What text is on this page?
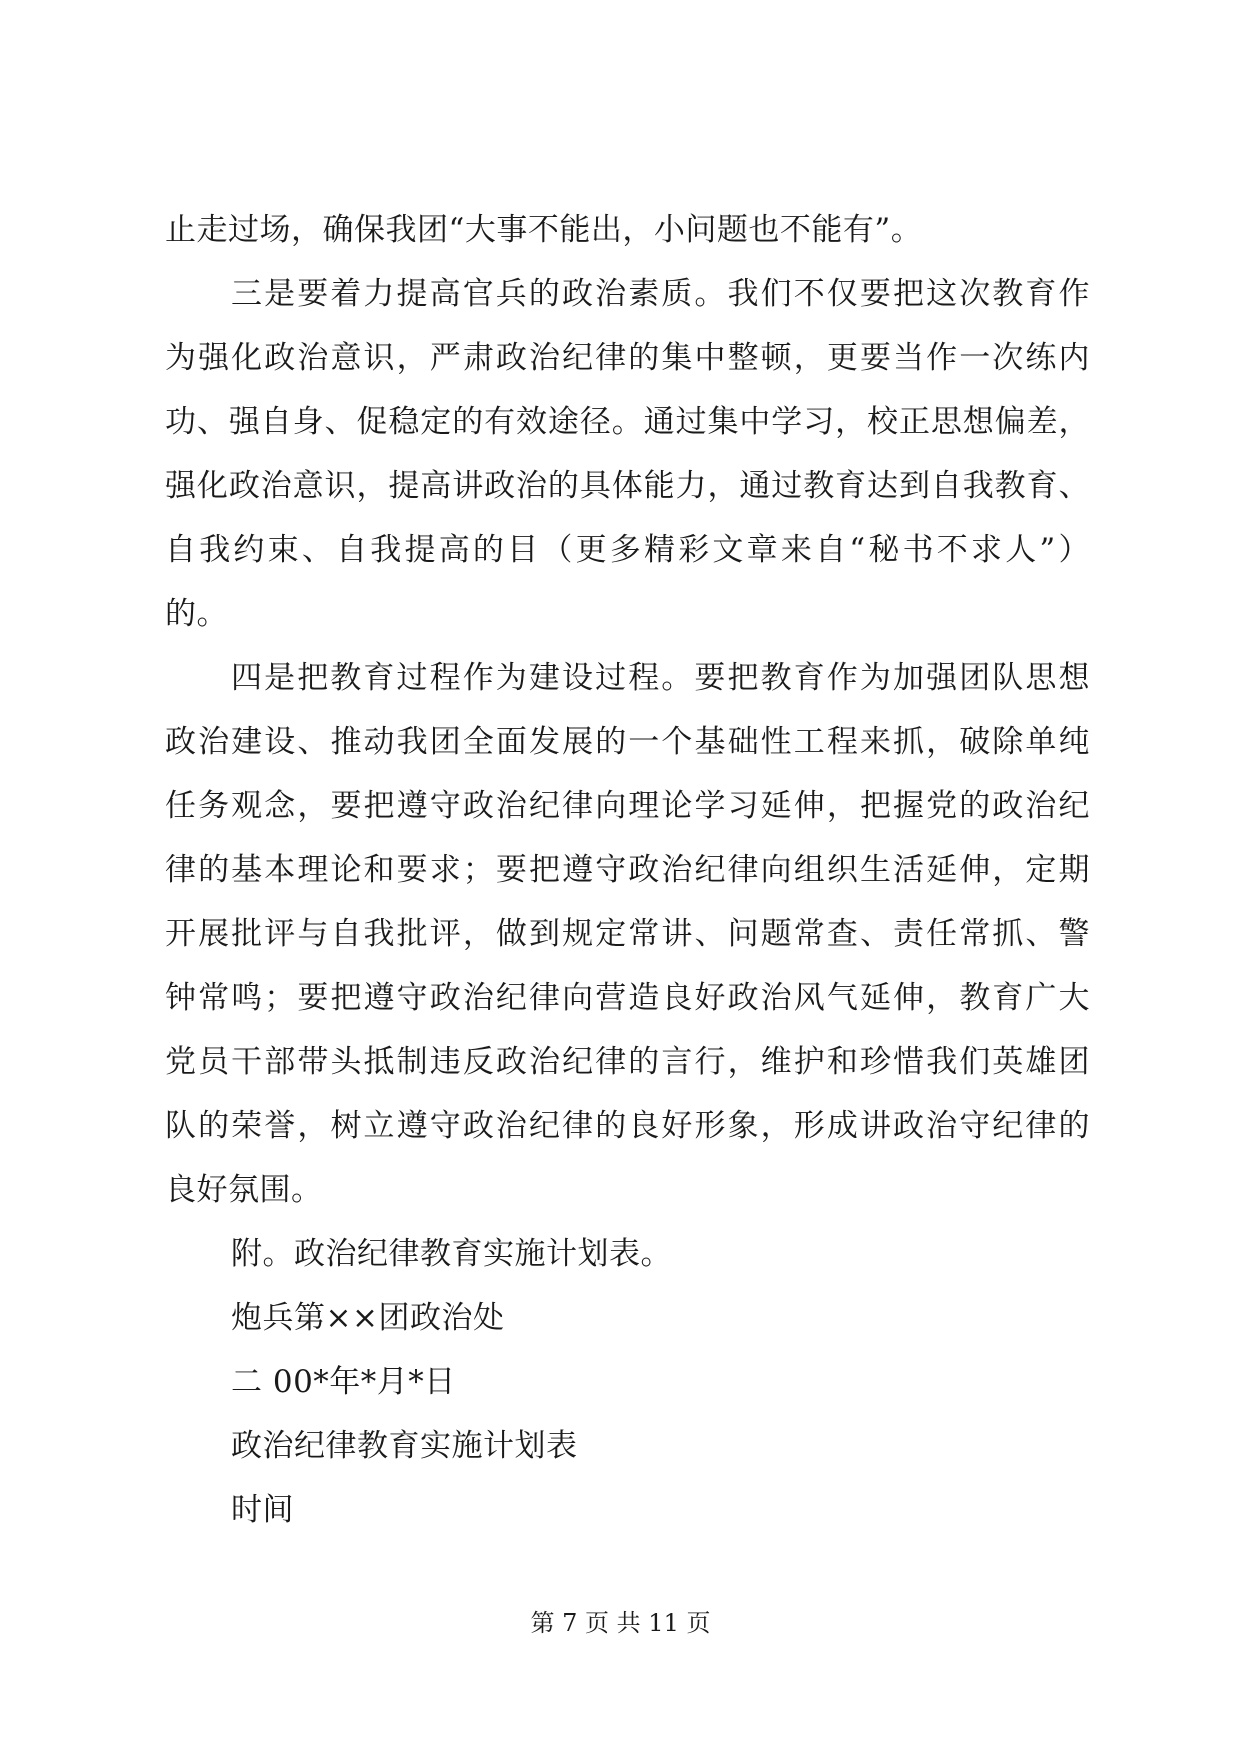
止走过场，确保我团“大事不能出，小问题也不能有”。
三是要着力提高官兵的政治素质。我们不仅要把这次教育作
为强化政治意识，严肃政治纪律的集中整顿，更要当作一次练内
功、强自身、促稳定的有效途径。通过集中学习，校正思想偏差，
强化政治意识，提高讲政治的具体能力，通过教育达到自我教育、
自我约束、自我提高的目（更多精彩文章来自“秘书不求人”）
的。
四是把教育过程作为建设过程。要把教育作为加强团队思想
政治建设、推动我团全面发展的一个基础性工程来抓，破除单纯
任务观念，要把遵守政治纪律向理论学习延伸，把握党的政治纪
律的基本理论和要求；要把遵守政治纪律向组织生活延伸，定期
开展批评与自我批评，做到规定常讲、问题常查、责任常抓、警
钟常鸣；要把遵守政治纪律向营造良好政治风气延伸，教育广大
党员干部带头抵制违反政治纪律的言行，维护和珍惜我们英雄团
队的荣誉，树立遵守政治纪律的良好形象，形成讲政治守纪律的
良好氛围。
附。政治纪律教育实施计划表。
炮兵第××团政治处
二 00*年*月*日
政治纪律教育实施计划表
时间
第 7 页 共 11 页
